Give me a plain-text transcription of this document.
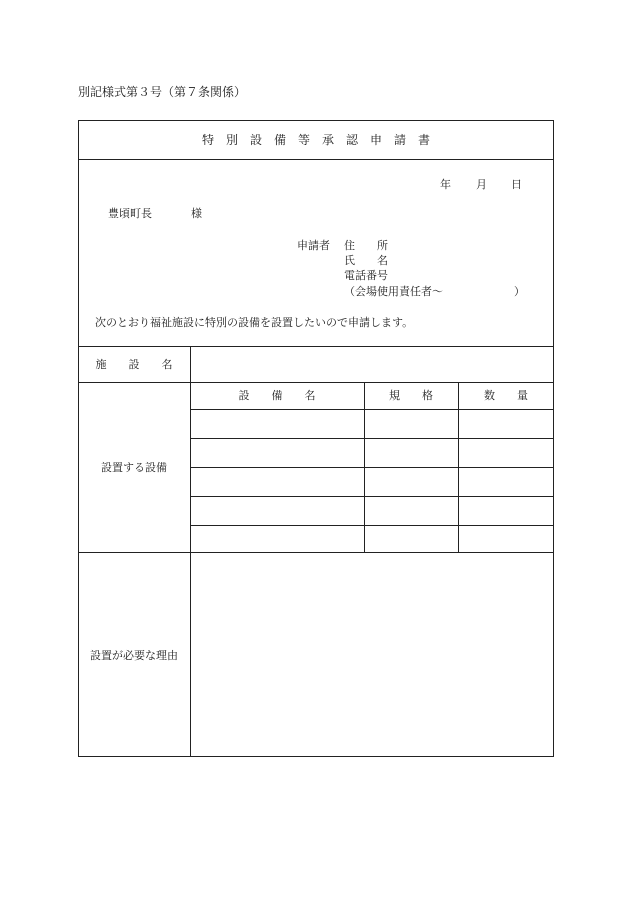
別記様式第３号（第７条関係）
特　別　設　備　等　承　認　申　請　書
年 月 日
豊頃町長	様
申請者 住　　所
氏　　名
電話番号
（会場使用責任者〜	）
次のとおり福祉施設に特別の設備を設置したいので申請します。
施　　設　　名
設置する設備
設　　備　　名	規　　格	数　　量
設置が必要な理由
